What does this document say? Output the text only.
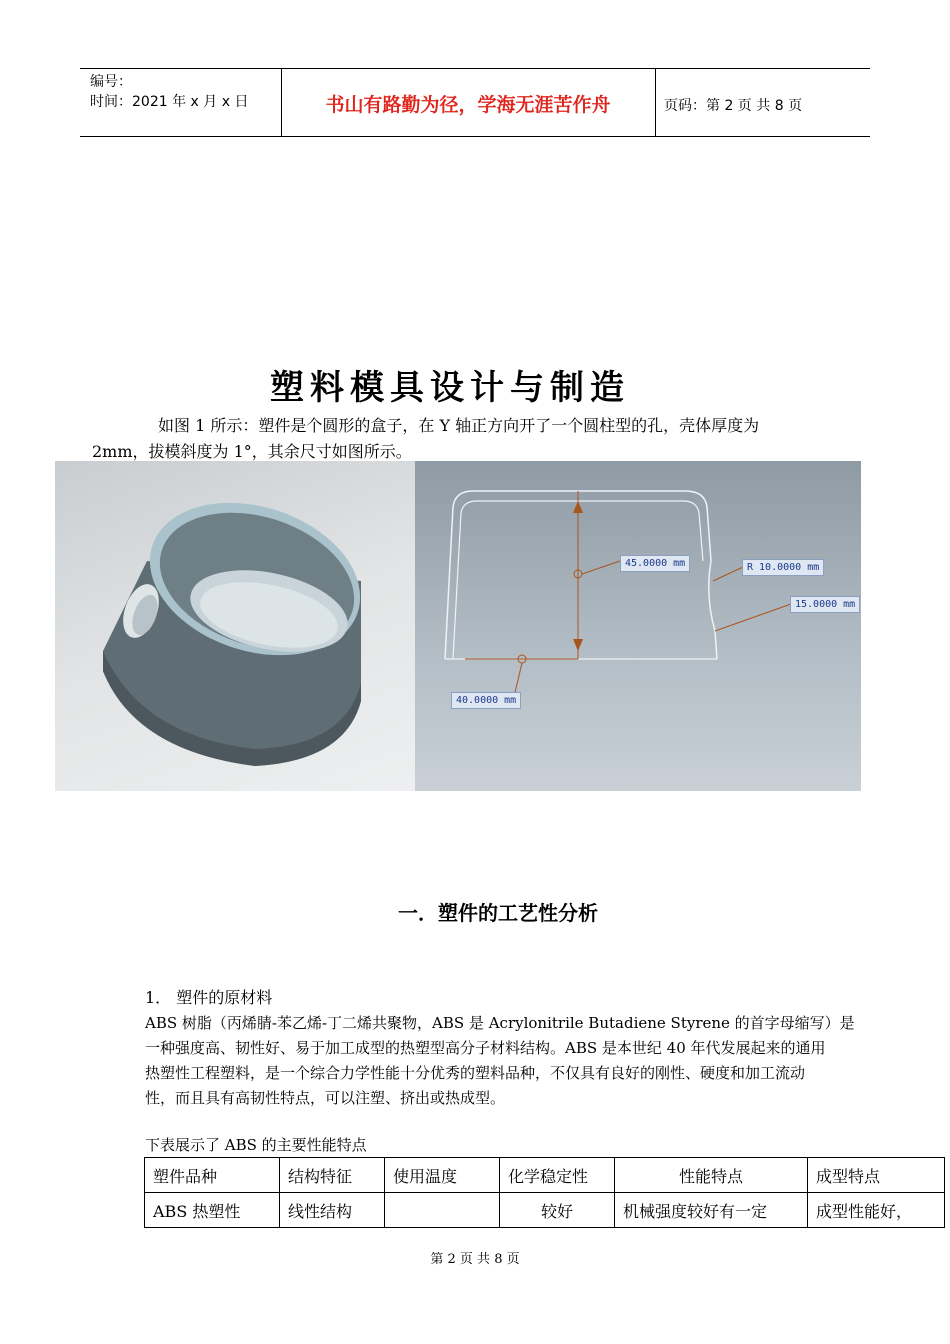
编号：
时间：2021 年 x 月 x 日	书山有路勤为径，学海无涯苦作舟	页码：第 2 页 共 8 页
塑料模具设计与制造
如图 1 所示：塑件是个圆形的盒子，在 Y 轴正方向开了一个圆柱型的孔，壳体厚度为
2mm，拔模斜度为 1°，其余尺寸如图所示。
45.0000 mm	R 10.0000 mm
15.0000 mm
40.0000 mm
一．塑件的工艺性分析
1． 塑件的原材料
ABS 树脂（丙烯腈-苯乙烯-丁二烯共聚物，ABS 是 Acrylonitrile Butadiene Styrene 的首字母缩写）是
一种强度高、韧性好、易于加工成型的热塑型高分子材料结构。ABS 是本世纪 40 年代发展起来的通用
热塑性工程塑料，是一个综合力学性能十分优秀的塑料品种，不仅具有良好的刚性、硬度和加工流动
性，而且具有高韧性特点，可以注塑、挤出或热成型。
下表展示了 ABS 的主要性能特点
塑件品种	结构特征	使用温度	化学稳定性	性能特点	成型特点
ABS 热塑性	线性结构		较好	机械强度较好有一定	成型性能好，
第 2 页 共 8 页
